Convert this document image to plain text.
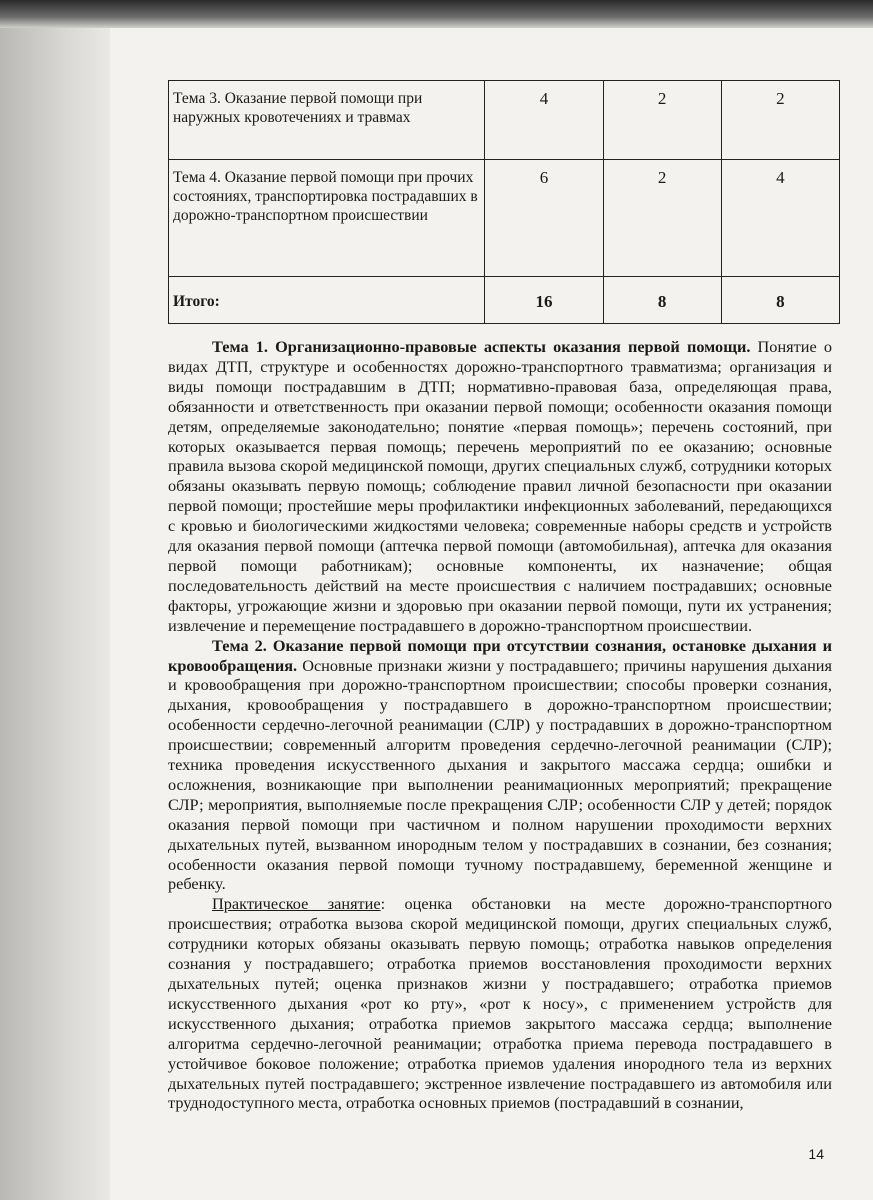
Тема 3. Оказание первой помощи при наружных кровотечениях и травмах	4	2	2
Тема 4. Оказание первой помощи при прочих состояниях, транспортировка пострадавших в дорожно-транспортном происшествии	6	2	4
Итого:	16	8	8

Тема 1. Организационно-правовые аспекты оказания первой помощи. Понятие о видах ДТП, структуре и особенностях дорожно-транспортного травматизма; организация и виды помощи пострадавшим в ДТП; нормативно-правовая база, определяющая права, обязанности и ответственность при оказании первой помощи; особенности оказания помощи детям, определяемые законодательно; понятие «первая помощь»; перечень состояний, при которых оказывается первая помощь; перечень мероприятий по ее оказанию; основные правила вызова скорой медицинской помощи, других специальных служб, сотрудники которых обязаны оказывать первую помощь; соблюдение правил личной безопасности при оказании первой помощи; простейшие меры профилактики инфекционных заболеваний, передающихся с кровью и биологическими жидкостями человека; современные наборы средств и устройств для оказания первой помощи (аптечка первой помощи (автомобильная), аптечка для оказания первой помощи работникам); основные компоненты, их назначение; общая последовательность действий на месте происшествия с наличием пострадавших; основные факторы, угрожающие жизни и здоровью при оказании первой помощи, пути их устранения; извлечение и перемещение пострадавшего в дорожно-транспортном происшествии.

Тема 2. Оказание первой помощи при отсутствии сознания, остановке дыхания и кровообращения. Основные признаки жизни у пострадавшего; причины нарушения дыхания и кровообращения при дорожно-транспортном происшествии; способы проверки сознания, дыхания, кровообращения у пострадавшего в дорожно-транспортном происшествии; особенности сердечно-легочной реанимации (СЛР) у пострадавших в дорожно-транспортном происшествии; современный алгоритм проведения сердечно-легочной реанимации (СЛР); техника проведения искусственного дыхания и закрытого массажа сердца; ошибки и осложнения, возникающие при выполнении реанимационных мероприятий; прекращение СЛР; мероприятия, выполняемые после прекращения СЛР; особенности СЛР у детей; порядок оказания первой помощи при частичном и полном нарушении проходимости верхних дыхательных путей, вызванном инородным телом у пострадавших в сознании, без сознания; особенности оказания первой помощи тучному пострадавшему, беременной женщине и ребенку.

Практическое занятие: оценка обстановки на месте дорожно-транспортного происшествия; отработка вызова скорой медицинской помощи, других специальных служб, сотрудники которых обязаны оказывать первую помощь; отработка навыков определения сознания у пострадавшего; отработка приемов восстановления проходимости верхних дыхательных путей; оценка признаков жизни у пострадавшего; отработка приемов искусственного дыхания «рот ко рту», «рот к носу», с применением устройств для искусственного дыхания; отработка приемов закрытого массажа сердца; выполнение алгоритма сердечно-легочной реанимации; отработка приема перевода пострадавшего в устойчивое боковое положение; отработка приемов удаления инородного тела из верхних дыхательных путей пострадавшего; экстренное извлечение пострадавшего из автомобиля или труднодоступного места, отработка основных приемов (пострадавший в сознании,

14
